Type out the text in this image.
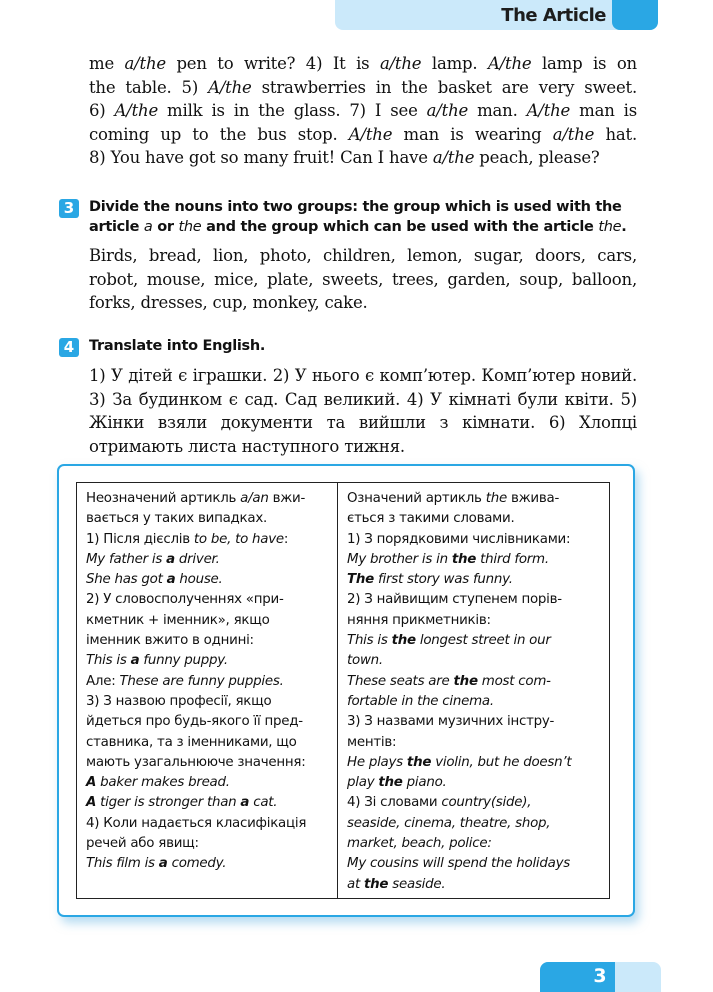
The Article
me a/the pen to write? 4) It is a/the lamp. A/the lamp is on
the table. 5) A/the strawberries in the basket are very sweet.
6) A/the milk is in the glass. 7) I see a/the man. A/the man is
coming up to the bus stop. A/the man is wearing a/the hat.
8) You have got so many fruit! Can I have a/the peach, please?
3	Divide the nouns into two groups: the group which is used with the article a or the and the group which can be used with the article the.

Birds, bread, lion, photo, children, lemon, sugar, doors, cars, robot, mouse, mice, plate, sweets, trees, garden, soup, balloon, forks, dresses, cup, monkey, cake.

4	Translate into English.

1) У дітей є іграшки. 2) У нього є комп’ютер. Комп’ютер новий. 3) За будинком є сад. Сад великий. 4) У кімнаті були квіти. 5) Жінки взяли документи та вийшли з кімнати. 6) Хлопці отримають листа наступного тижня.

Неозначений артикль a/an вжи-
вається у таких випадках.
1) Після дієслів to be, to have:
My father is a driver.
She has got a house.
2) У словосполученнях «при-
кметник + іменник», якщо
іменник вжито в однині:
This is a funny puppy.
Але: These are funny puppies.
3) З назвою професії, якщо
йдеться про будь-якого її пред-
ставника, та з іменниками, що
мають узагальнююче значення:
A baker makes bread.
A tiger is stronger than a cat.
4) Коли надається класифікація
речей або явищ:
This film is a comedy.
Означений артикль the вжива-
ється з такими словами.
1) З порядковими числівниками:
My brother is in the third form.
The first story was funny.
2) З найвищим ступенем порів-
няння прикметників:
This is the longest street in our
town.
These seats are the most com-
fortable in the cinema.
3) З назвами музичних інстру-
ментів:
He plays the violin, but he doesn’t
play the piano.
4) Зі словами country(side),
seaside, cinema, theatre, shop,
market, beach, police:
My cousins will spend the holidays
at the seaside.
3
